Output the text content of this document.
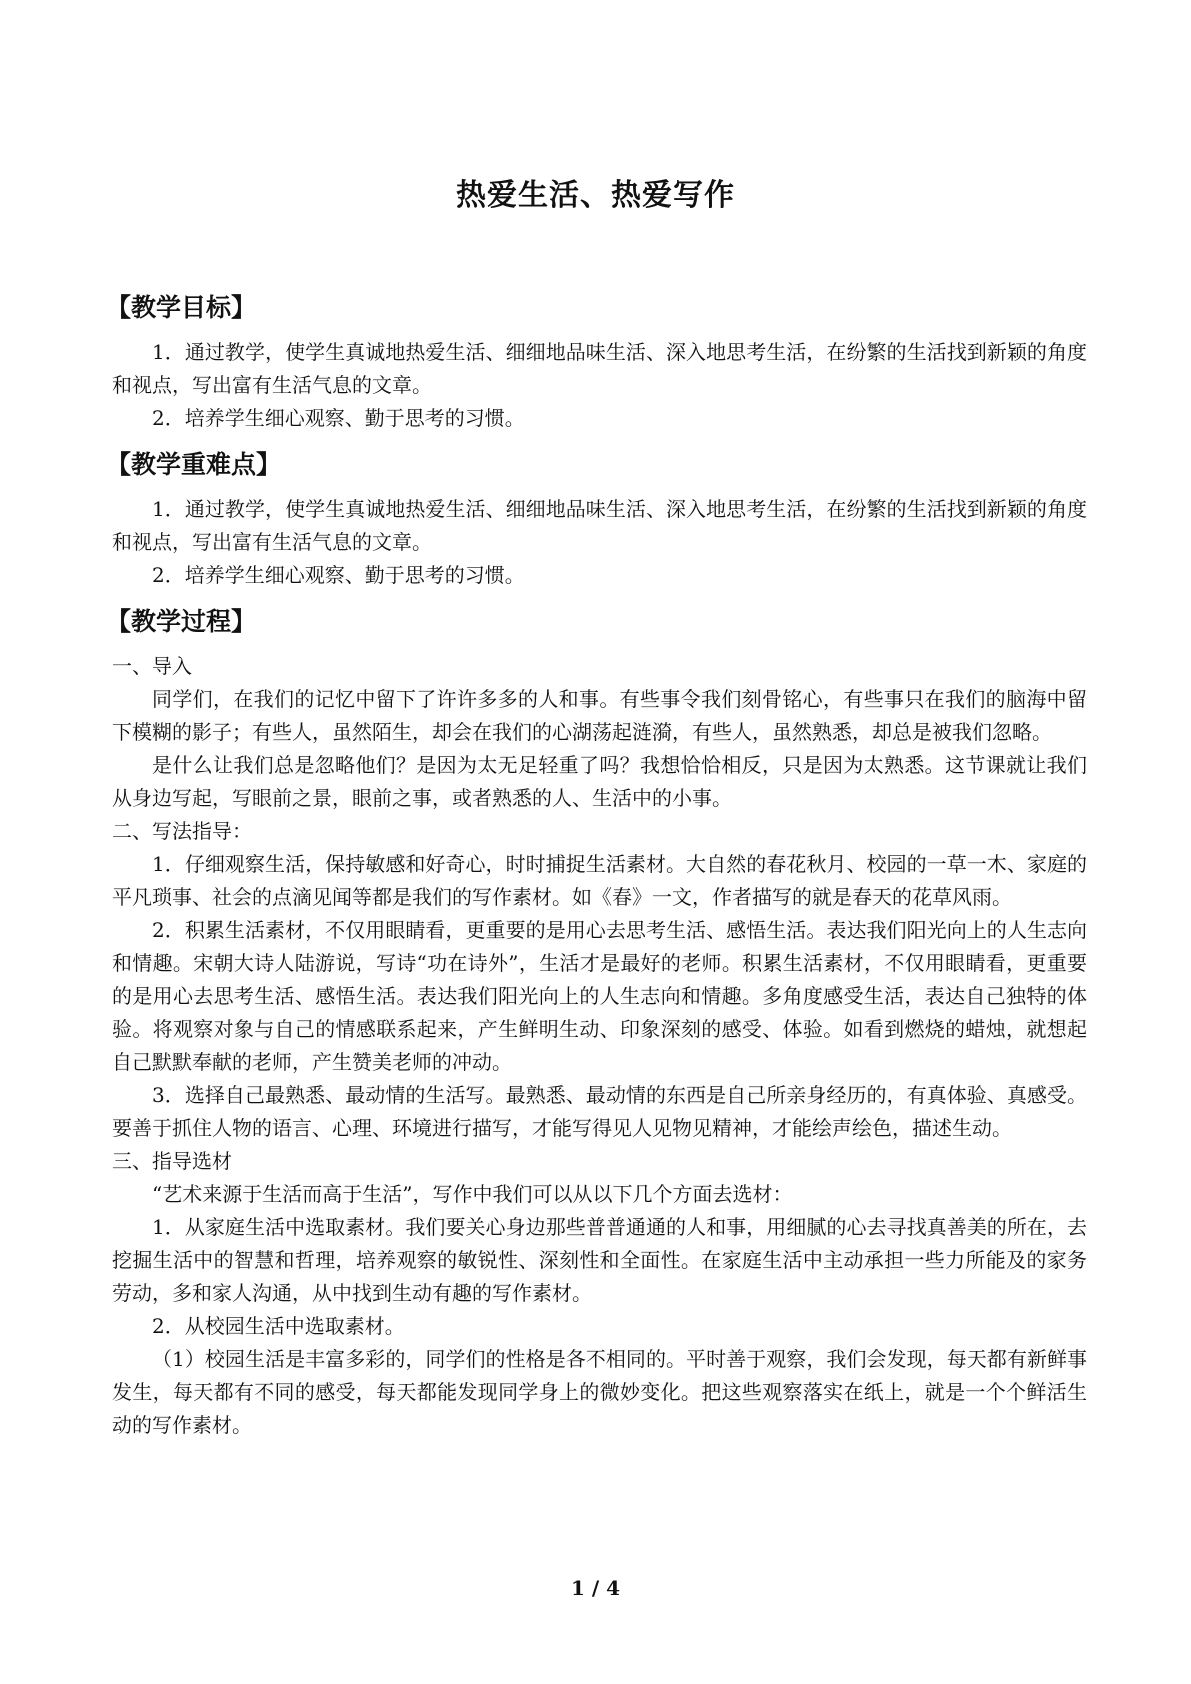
热爱生活、热爱写作
【教学目标】

1．通过教学，使学生真诚地热爱生活、细细地品味生活、深入地思考生活，在纷繁的生活找到新颖的角度和视点，写出富有生活气息的文章。

2．培养学生细心观察、勤于思考的习惯。

【教学重难点】

1．通过教学，使学生真诚地热爱生活、细细地品味生活、深入地思考生活，在纷繁的生活找到新颖的角度和视点，写出富有生活气息的文章。

2．培养学生细心观察、勤于思考的习惯。

【教学过程】

一、导入

同学们，在我们的记忆中留下了许许多多的人和事。有些事令我们刻骨铭心，有些事只在我们的脑海中留下模糊的影子；有些人，虽然陌生，却会在我们的心湖荡起涟漪，有些人，虽然熟悉，却总是被我们忽略。

是什么让我们总是忽略他们？是因为太无足轻重了吗？我想恰恰相反，只是因为太熟悉。这节课就让我们从身边写起，写眼前之景，眼前之事，或者熟悉的人、生活中的小事。

二、写法指导：

1．仔细观察生活，保持敏感和好奇心，时时捕捉生活素材。大自然的春花秋月、校园的一草一木、家庭的平凡琐事、社会的点滴见闻等都是我们的写作素材。如《春》一文，作者描写的就是春天的花草风雨。

2．积累生活素材，不仅用眼睛看，更重要的是用心去思考生活、感悟生活。表达我们阳光向上的人生志向和情趣。宋朝大诗人陆游说，写诗“功在诗外”，生活才是最好的老师。积累生活素材，不仅用眼睛看，更重要的是用心去思考生活、感悟生活。表达我们阳光向上的人生志向和情趣。多角度感受生活，表达自己独特的体验。将观察对象与自己的情感联系起来，产生鲜明生动、印象深刻的感受、体验。如看到燃烧的蜡烛，就想起自己默默奉献的老师，产生赞美老师的冲动。

3．选择自己最熟悉、最动情的生活写。最熟悉、最动情的东西是自己所亲身经历的，有真体验、真感受。要善于抓住人物的语言、心理、环境进行描写，才能写得见人见物见精神，才能绘声绘色，描述生动。

三、指导选材

“艺术来源于生活而高于生活”，写作中我们可以从以下几个方面去选材：

1．从家庭生活中选取素材。我们要关心身边那些普普通通的人和事，用细腻的心去寻找真善美的所在，去挖掘生活中的智慧和哲理，培养观察的敏锐性、深刻性和全面性。在家庭生活中主动承担一些力所能及的家务劳动，多和家人沟通，从中找到生动有趣的写作素材。

2．从校园生活中选取素材。

（1）校园生活是丰富多彩的，同学们的性格是各不相同的。平时善于观察，我们会发现，每天都有新鲜事发生，每天都有不同的感受，每天都能发现同学身上的微妙变化。把这些观察落实在纸上，就是一个个鲜活生动的写作素材。

1 / 4
